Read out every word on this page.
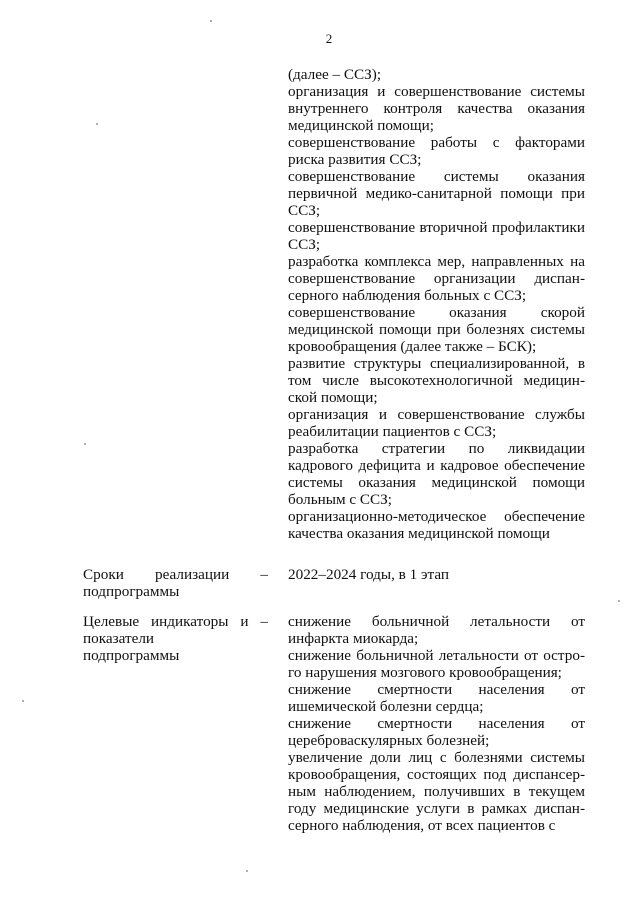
2
(далее – ССЗ);
организация и совершенствование системы внутреннего контроля качества оказания медицинской помощи;
совершенствование работы с факторами риска развития ССЗ;
совершенствование системы оказания первичной медико-санитарной помощи при ССЗ;
совершенствование вторичной профилактики ССЗ;
разработка комплекса мер, направленных на совершенствование организации диспансерного наблюдения больных с ССЗ;
совершенствование оказания скорой медицинской помощи при болезнях системы кровообращения (далее также – БСК);
развитие структуры специализированной, в том числе высокотехнологичной медицинской помощи;
организация и совершенствование службы реабилитации пациентов с ССЗ;
разработка стратегии по ликвидации кадрового дефицита и кадровое обеспечение системы оказания медицинской помощи больным с ССЗ;
организационно-методическое обеспечение качества оказания медицинской помощи
Сроки реализации – подпрограммы
2022–2024 годы, в 1 этап
Целевые индикаторы и –
показатели
подпрограммы
снижение больничной летальности от инфаркта миокарда;
снижение больничной летальности от острого нарушения мозгового кровообращения;
снижение смертности населения от ишемической болезни сердца;
снижение смертности населения от цереброваскулярных болезней;
увеличение доли лиц с болезнями системы кровообращения, состоящих под диспансерным наблюдением, получивших в текущем году медицинские услуги в рамках диспансерного наблюдения, от всех пациентов с
